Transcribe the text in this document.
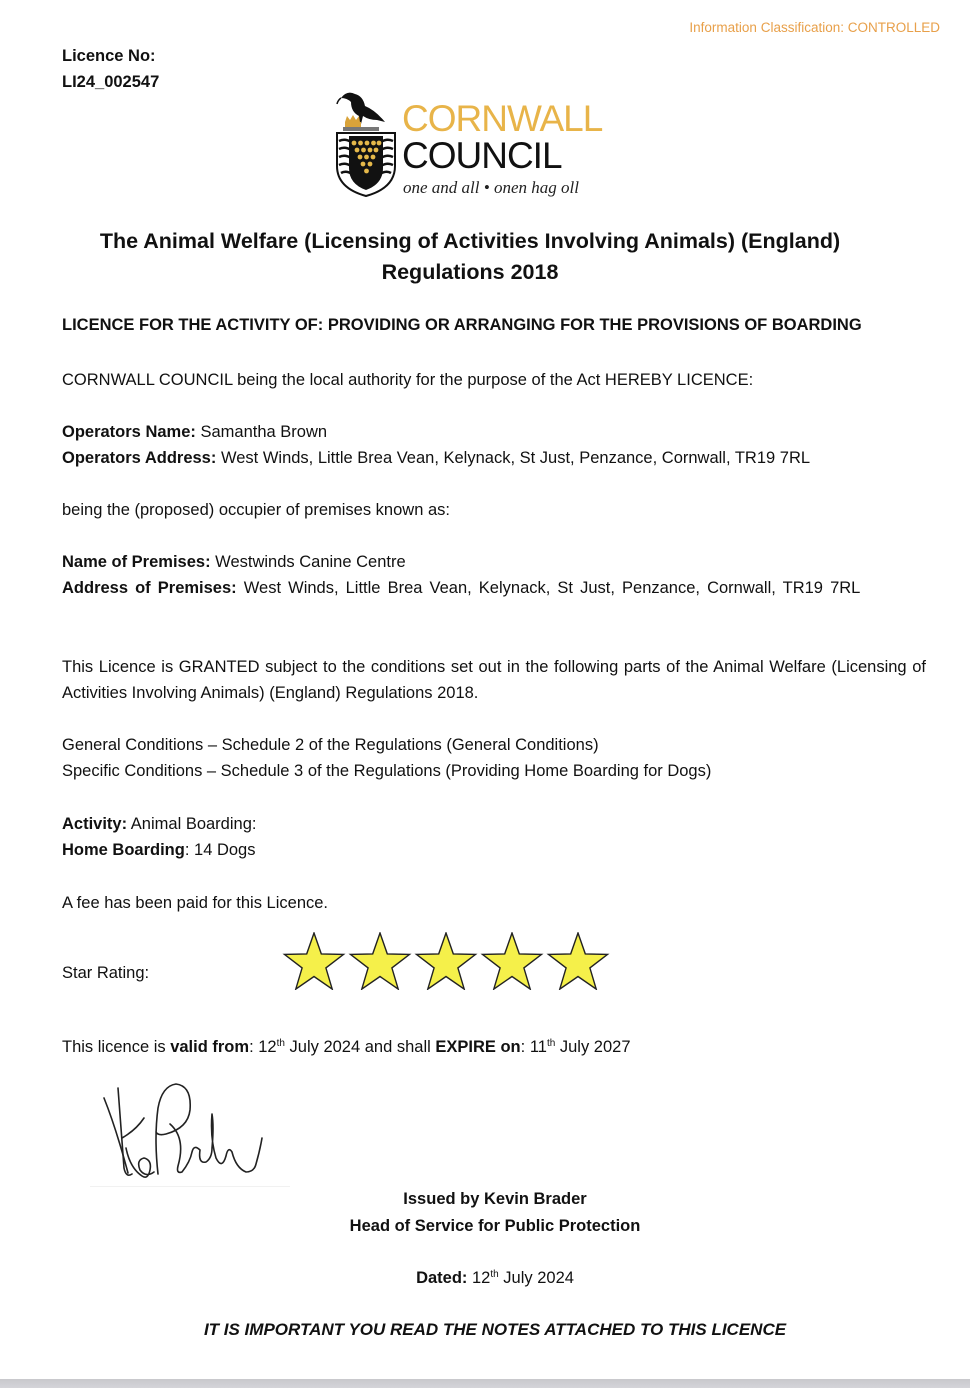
Information Classification: CONTROLLED
Licence No:
LI24_002547
CORNWALL
COUNCIL
one and all • onen hag oll
The Animal Welfare (Licensing of Activities Involving Animals) (England)
Regulations 2018
LICENCE FOR THE ACTIVITY OF: PROVIDING OR ARRANGING FOR THE PROVISIONS OF BOARDING
CORNWALL COUNCIL being the local authority for the purpose of the Act HEREBY LICENCE:
Operators Name: Samantha Brown
Operators Address: West Winds, Little Brea Vean, Kelynack, St Just, Penzance, Cornwall, TR19 7RL
being the (proposed) occupier of premises known as:
Name of Premises: Westwinds Canine Centre
Address of Premises: West Winds, Little Brea Vean, Kelynack, St Just, Penzance, Cornwall, TR19 7RL
This Licence is GRANTED subject to the conditions set out in the following parts of the Animal Welfare (Licensing of Activities Involving Animals) (England) Regulations 2018.
General Conditions – Schedule 2 of the Regulations (General Conditions)
Specific Conditions – Schedule 3 of the Regulations (Providing Home Boarding for Dogs)
Activity: Animal Boarding:
Home Boarding: 14 Dogs
A fee has been paid for this Licence.
Star Rating:
This licence is valid from: 12th July 2024 and shall EXPIRE on: 11th July 2027
Issued by Kevin Brader
Head of Service for Public Protection
Dated: 12th July 2024
IT IS IMPORTANT YOU READ THE NOTES ATTACHED TO THIS LICENCE
